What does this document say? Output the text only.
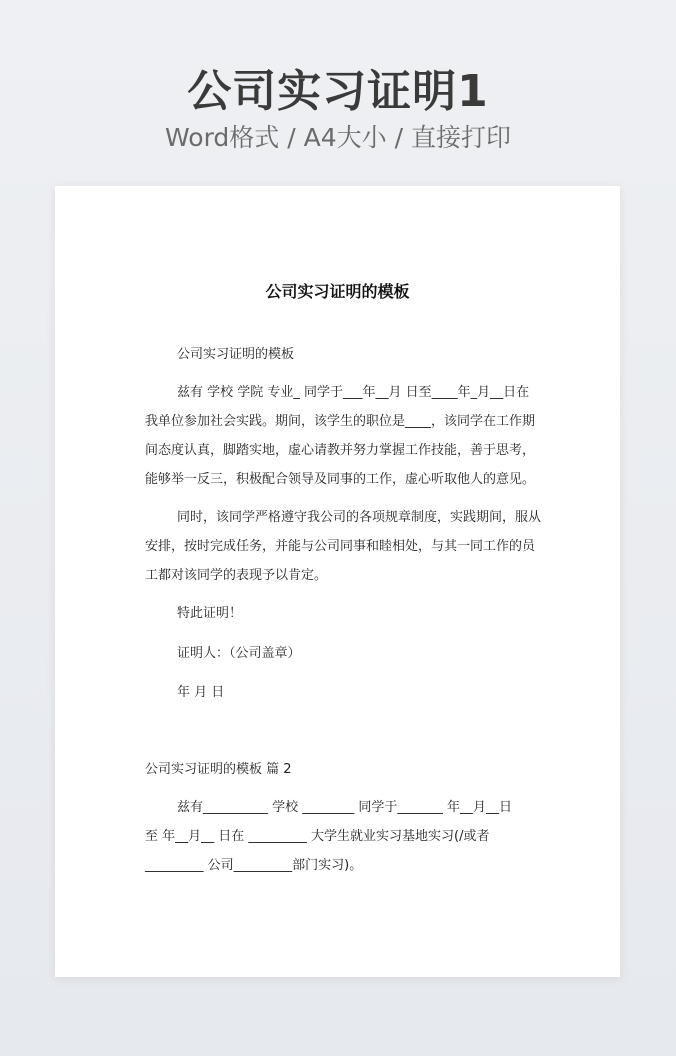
公司实习证明1
Word格式 / A4大小 / 直接打印
公司实习证明的模板
公司实习证明的模板
兹有 学校 学院 专业_ 同学于___年__月 日至____年_月__日在
我单位参加社会实践。期间，该学生的职位是____，该同学在工作期
间态度认真，脚踏实地，虚心请教并努力掌握工作技能，善于思考，
能够举一反三，积极配合领导及同事的工作，虚心听取他人的意见。
同时，该同学严格遵守我公司的各项规章制度，实践期间，服从
安排，按时完成任务，并能与公司同事和睦相处，与其一同工作的员
工都对该同学的表现予以肯定。
特此证明！
证明人：（公司盖章）
年 月 日
公司实习证明的模板 篇 2
兹有__________ 学校 ________ 同学于_______ 年__月__日
至 年__月__ 日在 _________ 大学生就业实习基地实习(/或者
_________ 公司_________部门实习)。
